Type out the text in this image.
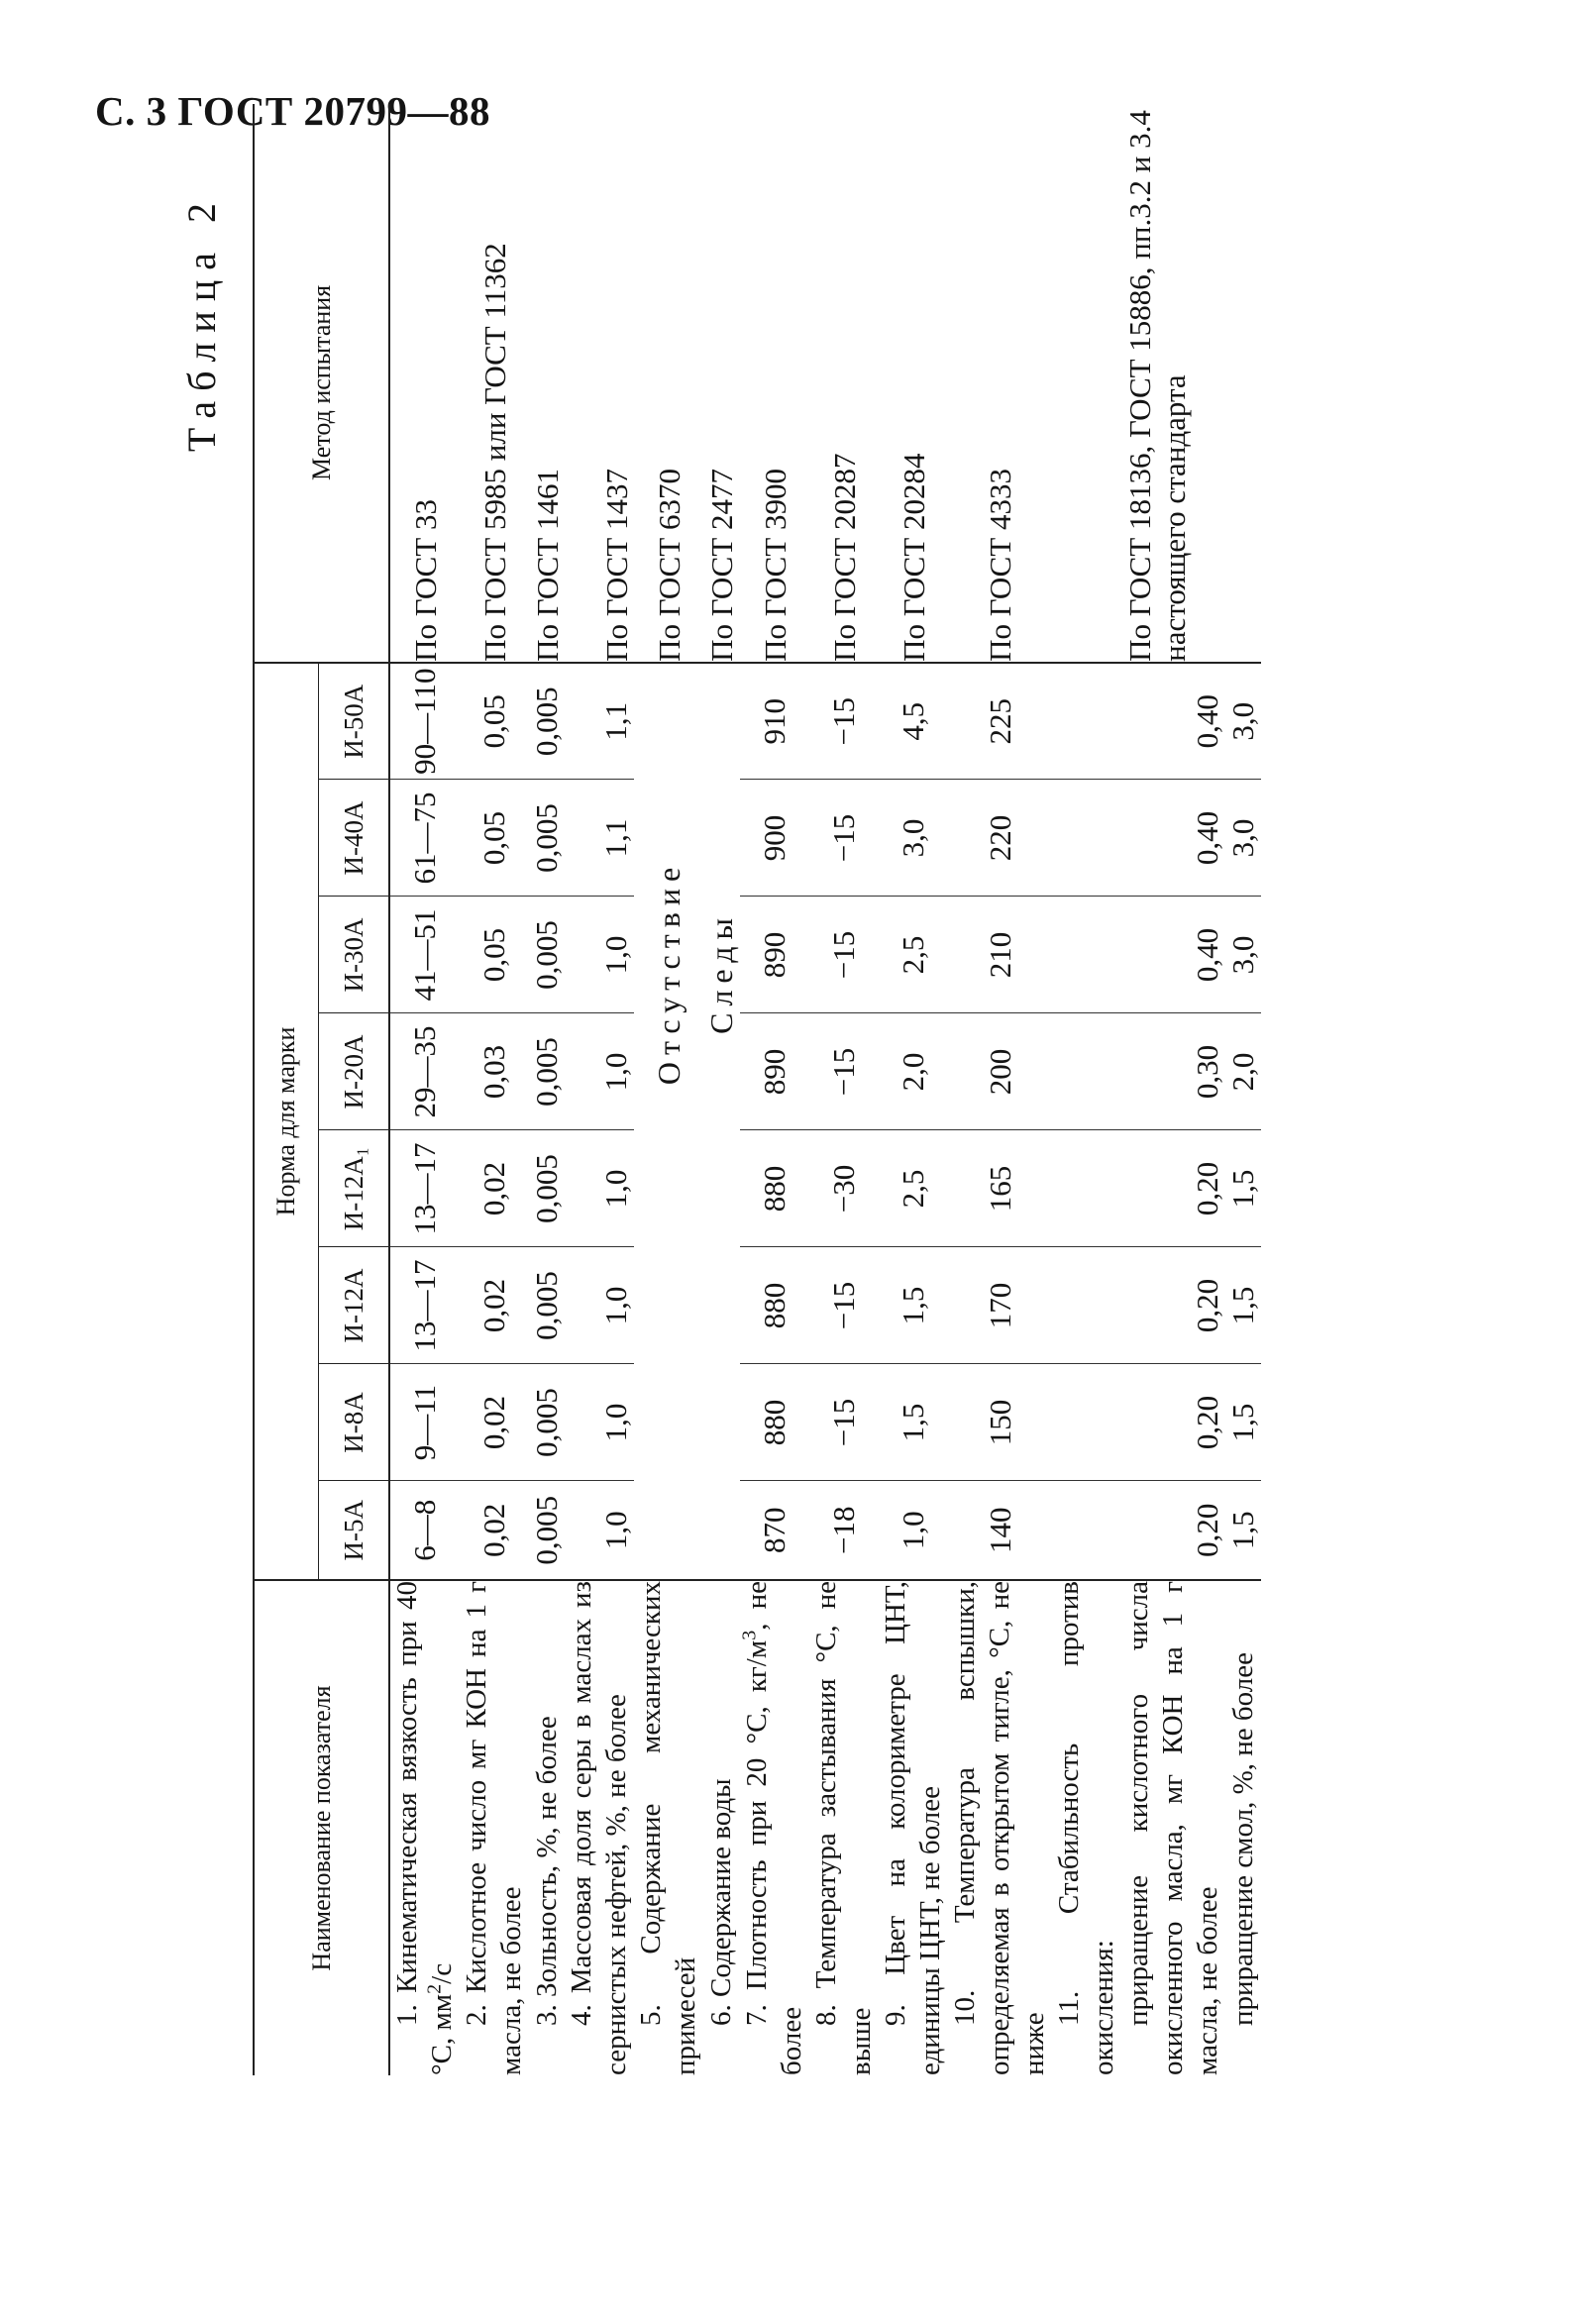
С. 3 ГОСТ 20799—88
Таблица2
Наименование показателя	Норма для марки								Метод испытания
	И-5А	И-8А	И-12А	И-12А₁	И-20А	И-30А	И-40А	И-50А	
1. Кинематическая вязкость при 40 °С, $мм^2/с$	6—8	9—11	13—17	13—17	29—35	41—51	61—75	90—110	По ГОСТ 33
2. Кислотное число мг КОН на 1 г масла, не более	0,02	0,02	0,02	0,02	0,03	0,05	0,05	0,05	По ГОСТ 5985 или ГОСТ 11362
3. Зольность, %, не более	0,005	0,005	0,005	0,005	0,005	0,005	0,005	0,005	По ГОСТ 1461
4. Массовая доля серы в маслах из сернистых нефтей, %, не более	1,0	1,0	1,0	1,0	1,0	1,0	1,1	1,1	По ГОСТ 1437
5. Содержание механических примесей	Отсутствие								По ГОСТ 6370
6. Содержание воды	Следы								По ГОСТ 2477
7. Плотность при 20 °С, $кг/м^3$, не более	870	880	880	880	890	890	900	910	По ГОСТ 3900
8. Температура застывания °С, не выше	−18	−15	−15	−30	−15	−15	−15	−15	По ГОСТ 20287
9. Цвет на колориметре ЦНТ, единицы ЦНТ, не более	1,0	1,5	1,5	2,5	2,0	2,5	3,0	4,5	По ГОСТ 20284
10. Температура вспышки, определяемая в открытом тигле, °С, не ниже	140	150	170	165	200	210	220	225	По ГОСТ 4333
11. Стабильность против окисления:									По ГОСТ 18136, ГОСТ 15886, пп.3.2 и 3.4 настоящего стандарта
приращение кислотного числа окисленного масла, мг КОН на 1 г масла, не более	0,20	0,20	0,20	0,20	0,30	0,40	0,40	0,40	
приращение смол, %, не более	1,5	1,5	1,5	1,5	2,0	3,0	3,0	3,0	
